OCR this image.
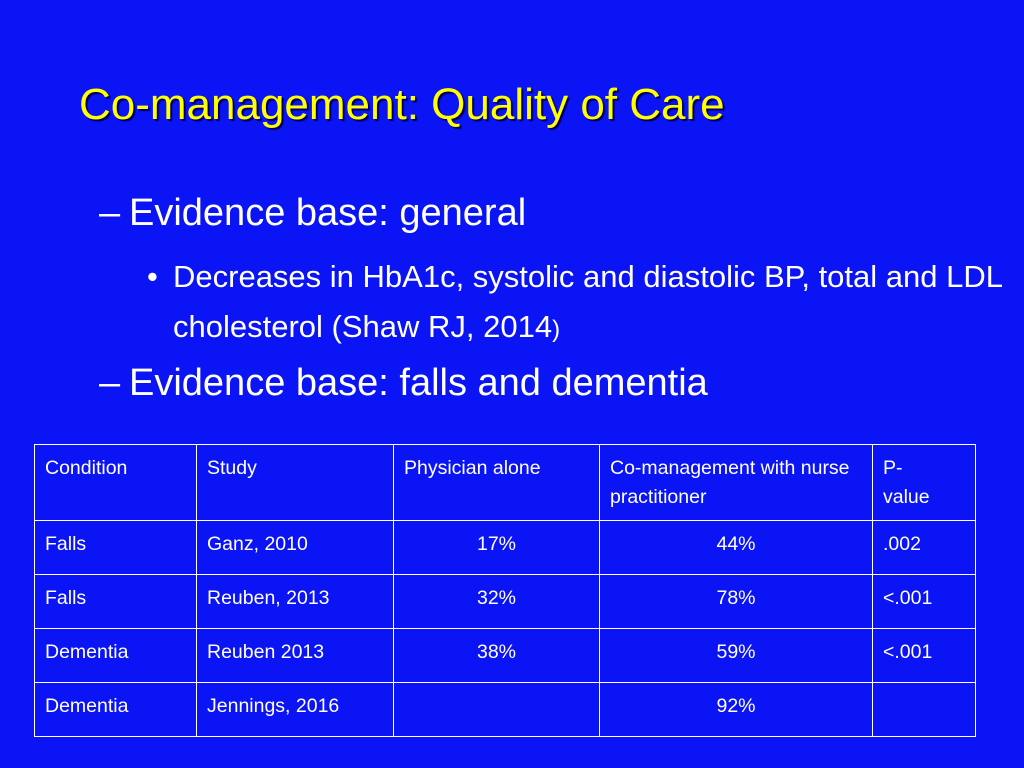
Co-management: Quality of Care
– Evidence base: general
• Decreases in HbA1c, systolic and diastolic BP, total and LDL cholesterol (Shaw RJ, 2014)
– Evidence base: falls and dementia
Condition	Study	Physician alone	Co-management with nurse practitioner	P-
value
Falls	Ganz, 2010	17%	44%	.002
Falls	Reuben, 2013	32%	78%	<.001
Dementia	Reuben 2013	38%	59%	<.001
Dementia	Jennings, 2016		92%	
